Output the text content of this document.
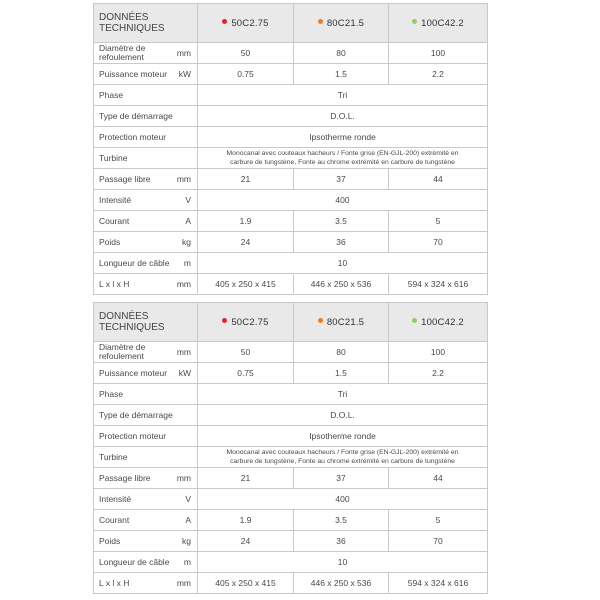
DONNÉES
TECHNIQUES		50C2.75	80C21.5	100C42.2
Diamètre de
refoulement	mm	50	80	100
Puissance moteur	kW	0.75	1.5	2.2
Phase		Tri		
Type de démarrage		D.O.L.		
Protection moteur		Ipsotherme ronde		
Turbine		Monocanal avec couteaux hacheurs / Fonte grise (EN-GJL-200) extrémité en
carbure de tungstène, Fonte au chrome extrémité en carbure de tungstène		
Passage libre	mm	21	37	44
Intensité	V	400		
Courant	A	1.9	3.5	5
Poids	kg	24	36	70
Longueur de câble	m	10		
L x l x H	mm	405 x 250 x 415	446 x 250 x 536	594 x 324 x 616
DONNÉES
TECHNIQUES		50C2.75	80C21.5	100C42.2
Diamètre de
refoulement	mm	50	80	100
Puissance moteur	kW	0.75	1.5	2.2
Phase		Tri		
Type de démarrage		D.O.L.		
Protection moteur		Ipsotherme ronde		
Turbine		Monocanal avec couteaux hacheurs / Fonte grise (EN-GJL-200) extrémité en
carbure de tungstène, Fonte au chrome extrémité en carbure de tungstène		
Passage libre	mm	21	37	44
Intensité	V	400		
Courant	A	1.9	3.5	5
Poids	kg	24	36	70
Longueur de câble	m	10		
L x l x H	mm	405 x 250 x 415	446 x 250 x 536	594 x 324 x 616
